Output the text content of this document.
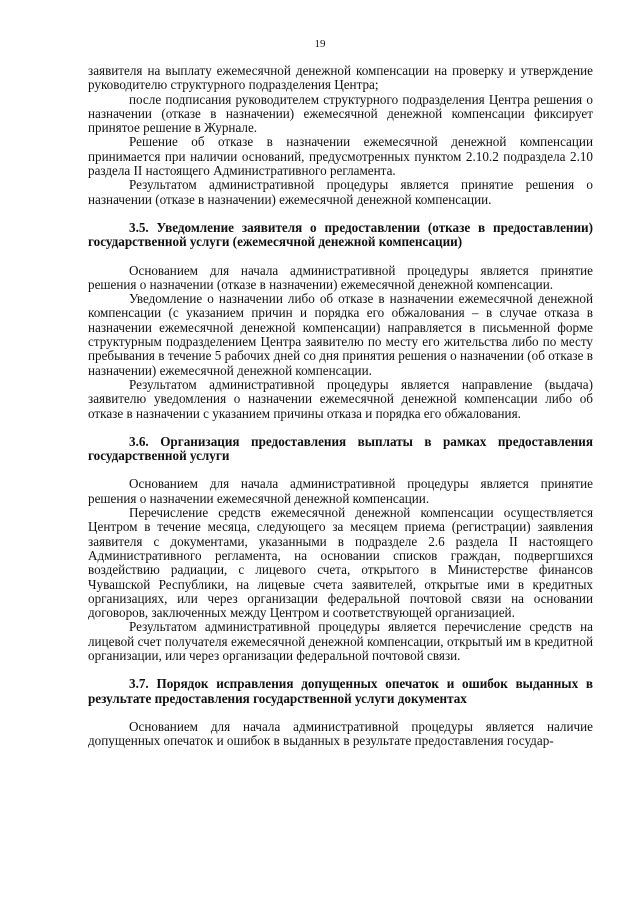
19

заявителя на выплату ежемесячной денежной компенсации на проверку и утверждение руководителю структурного подразделения Центра;

после подписания руководителем структурного подразделения Центра решения о назначении (отказе в назначении) ежемесячной денежной компенсации фиксирует принятое решение в Журнале.

Решение об отказе в назначении ежемесячной денежной компенсации принимается при наличии оснований, предусмотренных пунктом 2.10.2 подраздела 2.10 раздела II настоящего Административного регламента.

Результатом административной процедуры является принятие решения о назначении (отказе в назначении) ежемесячной денежной компенсации.

3.5. Уведомление заявителя о предоставлении (отказе в предоставлении) государственной услуги (ежемесячной денежной компенсации)

Основанием для начала административной процедуры является принятие решения о назначении (отказе в назначении) ежемесячной денежной компенсации.

Уведомление о назначении либо об отказе в назначении ежемесячной денежной компенсации (с указанием причин и порядка его обжалования – в случае отказа в назначении ежемесячной денежной компенсации) направляется в письменной форме структурным подразделением Центра заявителю по месту его жительства либо по месту пребывания в течение 5 рабочих дней со дня принятия решения о назначении (об отказе в назначении) ежемесячной денежной компенсации.

Результатом административной процедуры является направление (выдача) заявителю уведомления о назначении ежемесячной денежной компенсации либо об отказе в назначении с указанием причины отказа и порядка его обжалования.

3.6. Организация предоставления выплаты в рамках предоставления государственной услуги

Основанием для начала административной процедуры является принятие решения о назначении ежемесячной денежной компенсации.

Перечисление средств ежемесячной денежной компенсации осуществляется Центром в течение месяца, следующего за месяцем приема (регистрации) заявления заявителя с документами, указанными в подразделе 2.6 раздела II настоящего Административного регламента, на основании списков граждан, подвергшихся воздействию радиации, с лицевого счета, открытого в Министерстве финансов Чувашской Республики, на лицевые счета заявителей, открытые ими в кредитных организациях, или через организации федеральной почтовой связи на основании договоров, заключенных между Центром и соответствующей организацией.

Результатом административной процедуры является перечисление средств на лицевой счет получателя ежемесячной денежной компенсации, открытый им в кредитной организации, или через организации федеральной почтовой связи.

3.7. Порядок исправления допущенных опечаток и ошибок выданных в результате предоставления государственной услуги документах

Основанием для начала административной процедуры является наличие допущенных опечаток и ошибок в выданных в результате предоставления государ-
